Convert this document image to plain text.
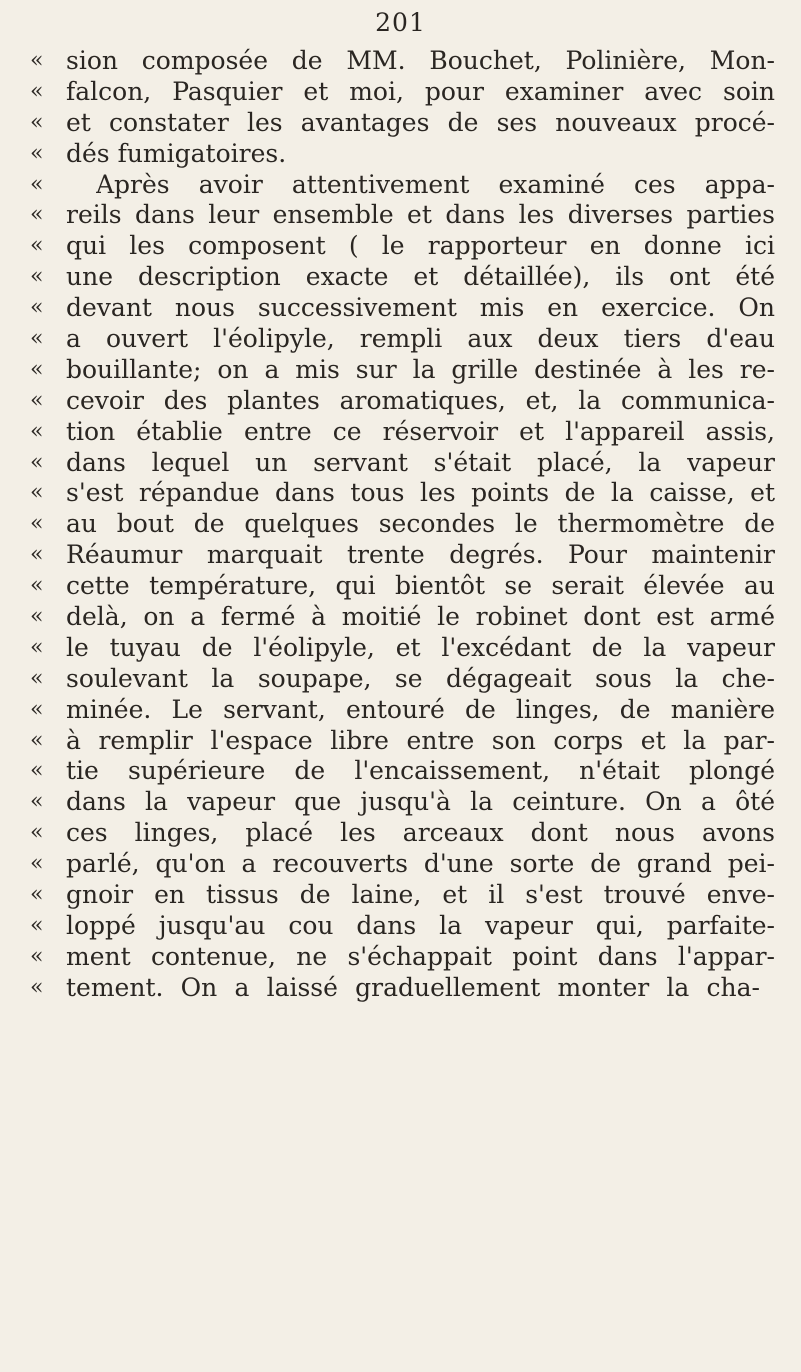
201
« sion composée de MM. Bouchet, Polinière, Mon-
« falcon, Pasquier et moi, pour examiner avec soin
« et constater les avantages de ses nouveaux procé-
« dés fumigatoires.
«	Après avoir attentivement examiné ces appa-
« reils dans leur ensemble et dans les diverses parties
« qui les composent ( le rapporteur en donne ici
« une description exacte et détaillée), ils ont été
« devant nous successivement mis en exercice. On
« a ouvert l'éolipyle, rempli aux deux tiers d'eau
« bouillante; on a mis sur la grille destinée à les re-
« cevoir des plantes aromatiques, et, la communica-
« tion établie entre ce réservoir et l'appareil assis,
« dans lequel un servant s'était placé, la vapeur
« s'est répandue dans tous les points de la caisse, et
« au bout de quelques secondes le thermomètre de
« Réaumur marquait trente degrés. Pour maintenir
« cette température, qui bientôt se serait élevée au
« delà, on a fermé à moitié le robinet dont est armé
« le tuyau de l'éolipyle, et l'excédant de la vapeur
« soulevant la soupape, se dégageait sous la che-
« minée. Le servant, entouré de linges, de manière
« à remplir l'espace libre entre son corps et la par-
« tie supérieure de l'encaissement, n'était plongé
« dans la vapeur que jusqu'à la ceinture. On a ôté
« ces linges, placé les arceaux dont nous avons
« parlé, qu'on a recouverts d'une sorte de grand pei-
« gnoir en tissus de laine, et il s'est trouvé enve-
« loppé jusqu'au cou dans la vapeur qui, parfaite-
« ment contenue, ne s'échappait point dans l'appar-
« tement. On a laissé graduellement monter la cha-
